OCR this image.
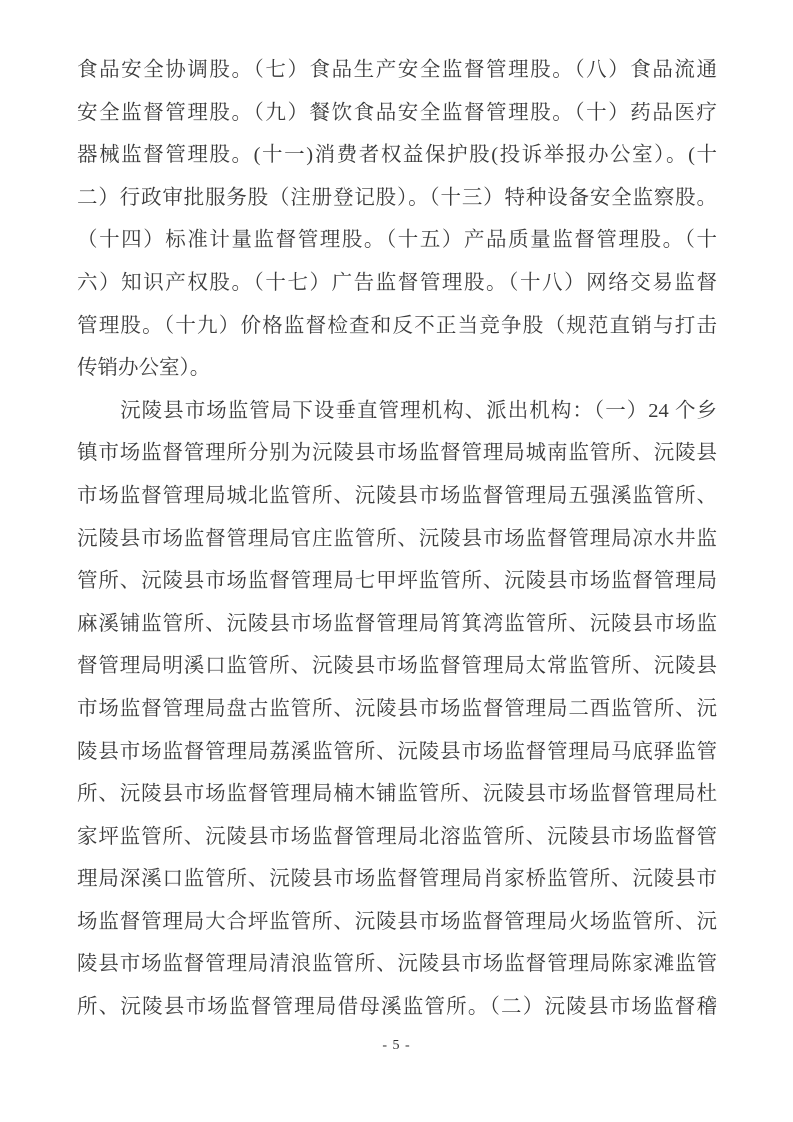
食品安全协调股。（七）食品生产安全监督管理股。（八）食品流通
安全监督管理股。（九）餐饮食品安全监督管理股。（十）药品医疗
器械监督管理股。(十一)消费者权益保护股(投诉举报办公室）。(十
二）行政审批服务股（注册登记股）。（十三）特种设备安全监察股。
（十四）标准计量监督管理股。（十五）产品质量监督管理股。（十
六）知识产权股。（十七）广告监督管理股。（十八）网络交易监督
管理股。（十九）价格监督检查和反不正当竞争股（规范直销与打击
传销办公室）。
　　沅陵县市场监管局下设垂直管理机构、派出机构：（一）24 个乡
镇市场监督管理所分别为沅陵县市场监督管理局城南监管所、沅陵县
市场监督管理局城北监管所、沅陵县市场监督管理局五强溪监管所、
沅陵县市场监督管理局官庄监管所、沅陵县市场监督管理局凉水井监
管所、沅陵县市场监督管理局七甲坪监管所、沅陵县市场监督管理局
麻溪铺监管所、沅陵县市场监督管理局筲箕湾监管所、沅陵县市场监
督管理局明溪口监管所、沅陵县市场监督管理局太常监管所、沅陵县
市场监督管理局盘古监管所、沅陵县市场监督管理局二酉监管所、沅
陵县市场监督管理局荔溪监管所、沅陵县市场监督管理局马底驿监管
所、沅陵县市场监督管理局楠木铺监管所、沅陵县市场监督管理局杜
家坪监管所、沅陵县市场监督管理局北溶监管所、沅陵县市场监督管
理局深溪口监管所、沅陵县市场监督管理局肖家桥监管所、沅陵县市
场监督管理局大合坪监管所、沅陵县市场监督管理局火场监管所、沅
陵县市场监督管理局清浪监管所、沅陵县市场监督管理局陈家滩监管
所、沅陵县市场监督管理局借母溪监管所。（二）沅陵县市场监督稽
- 5 -
